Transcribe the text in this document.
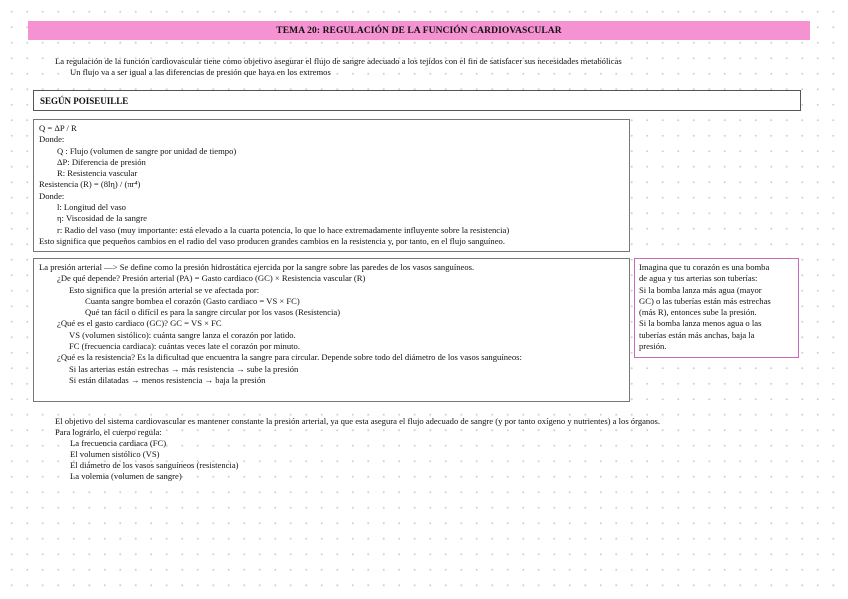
TEMA 20: REGULACIÓN DE LA FUNCIÓN CARDIOVASCULAR
La regulación de la función cardiovascular tiene como objetivo asegurar el flujo de sangre adecuado a los tejidos con el fin de satisfacer sus necesidades metabólicas
Un flujo va a ser igual a las diferencias de presión que haya en los extremos
SEGÚN POISEUILLE
Q = ΔP / R
Donde:
Q : Flujo (volumen de sangre por unidad de tiempo)
ΔP: Diferencia de presión
R: Resistencia vascular
Resistencia (R) = (8lη) / (πr⁴)
Donde:
l: Longitud del vaso
η: Viscosidad de la sangre
r: Radio del vaso (muy importante: está elevado a la cuarta potencia, lo que lo hace extremadamente influyente sobre la resistencia)
Esto significa que pequeños cambios en el radio del vaso producen grandes cambios en la resistencia y, por tanto, en el flujo sanguíneo.
La presión arterial —> Se define como la presión hidrostática ejercida por la sangre sobre las paredes de los vasos sanguíneos.
¿De qué depende? Presión arterial (PA) = Gasto cardiaco (GC) × Resistencia vascular (R)
Esto significa que la presión arterial se ve afectada por:
Cuanta sangre bombea el corazón (Gasto cardiaco = VS × FC)
Qué tan fácil o difícil es para la sangre circular por los vasos (Resistencia)
¿Qué es el gasto cardiaco (GC)? GC = VS × FC
VS (volumen sistólico): cuánta sangre lanza el corazón por latido.
FC (frecuencia cardiaca): cuántas veces late el corazón por minuto.
¿Qué es la resistencia? Es la dificultad que encuentra la sangre para circular. Depende sobre todo del diámetro de los vasos sanguíneos:
Si las arterias están estrechas → más resistencia → sube la presión
Si están dilatadas → menos resistencia → baja la presión
Imagina que tu corazón es una bomba
de agua y tus arterias son tuberías:
Si la bomba lanza más agua (mayor
GC) o las tuberías están más estrechas
(más R), entonces sube la presión.
Si la bomba lanza menos agua o las
tuberías están más anchas, baja la
presión.
El objetivo del sistema cardiovascular es mantener constante la presión arterial, ya que esta asegura el flujo adecuado de sangre (y por tanto oxígeno y nutrientes) a los órganos.
Para lograrlo, el cuerpo regula:
La frecuencia cardiaca (FC)
El volumen sistólico (VS)
El diámetro de los vasos sanguíneos (resistencia)
La volemia (volumen de sangre)
